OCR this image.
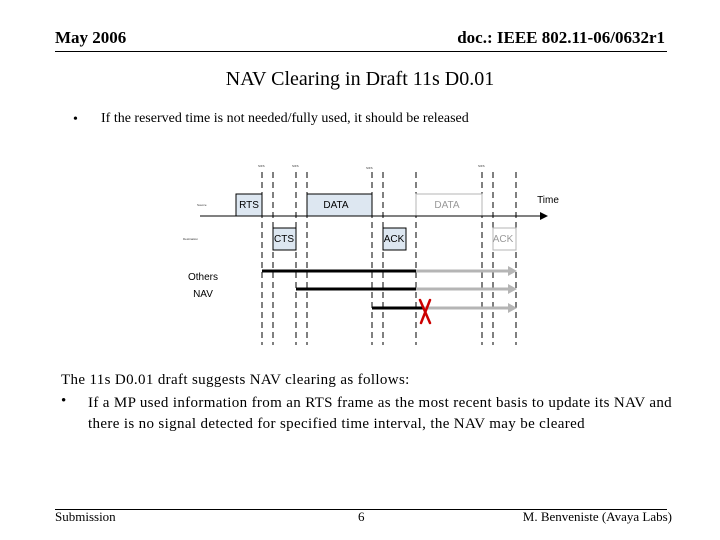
May 2006	doc.: IEEE 802.11-06/0632r1
NAV Clearing in Draft 11s D0.01
• If the reserved time is not needed/fully used, it should be released
SIFS	SIFS	SIFS	SIFS
Source
Destination
RTS	DATA	DATA	Time
CTS	ACK	ACK
Others
NAV
The 11s D0.01 draft suggests NAV clearing as follows:
• If a MP used information from an RTS frame as the most recent basis to update its NAV and there is no signal detected for specified time interval, the NAV may be cleared
Submission	6	M. Benveniste (Avaya Labs)
